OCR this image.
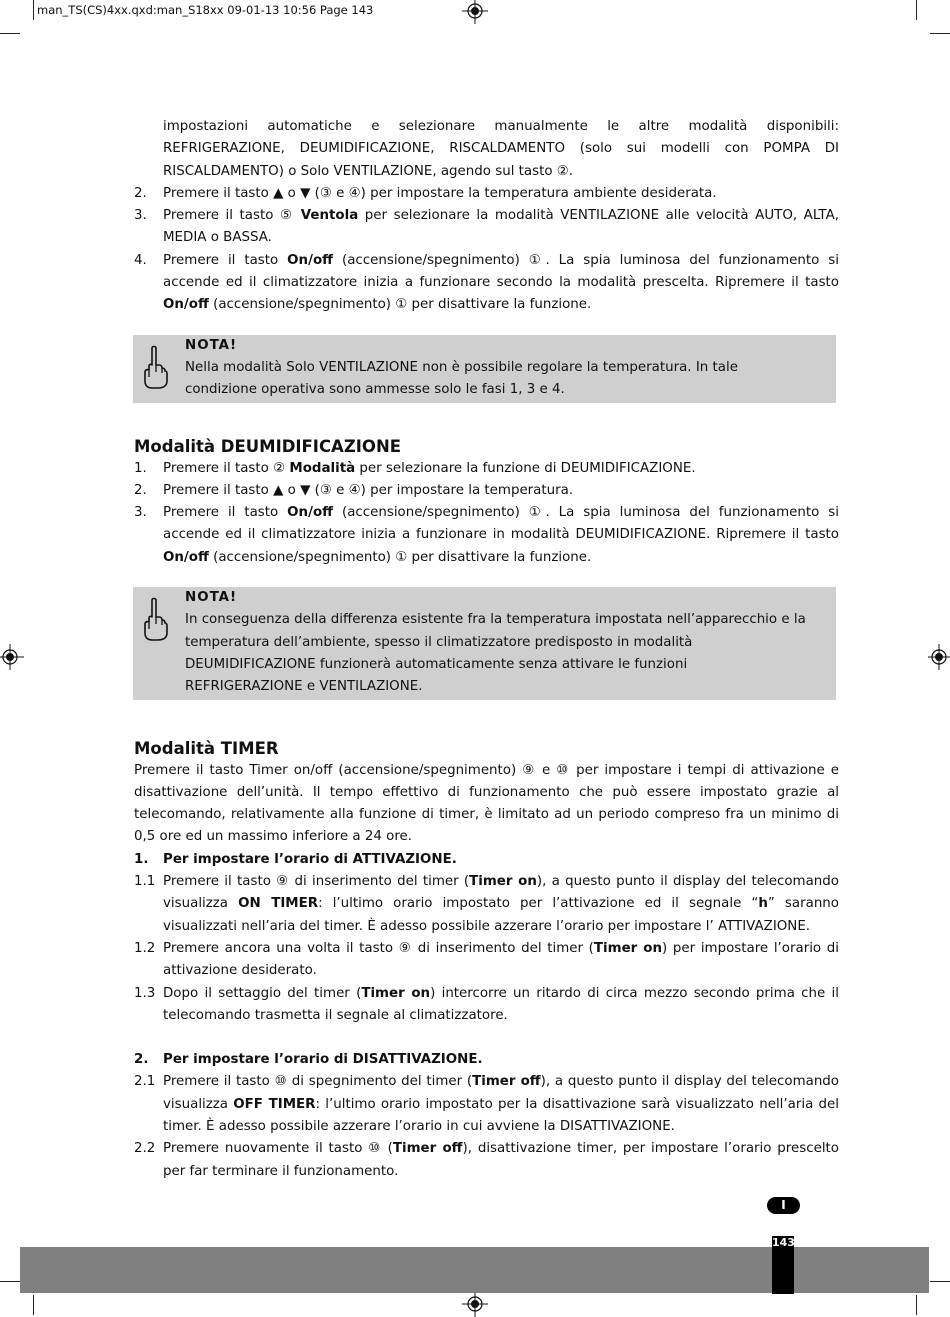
man_TS(CS)4xx.qxd:man_S18xx 09-01-13 10:56 Page 143
impostazioni automatiche e selezionare manualmente le altre modalità disponibili: REFRIGERAZIONE, DEUMIDIFICAZIONE, RISCALDAMENTO (solo sui modelli con POMPA DI RISCALDAMENTO) o Solo VENTILAZIONE, agendo sul tasto ②.
2. Premere il tasto ▲ o ▼ (③ e ④) per impostare la temperatura ambiente desiderata.
3. Premere il tasto ⑤ Ventola per selezionare la modalità VENTILAZIONE alle velocità AUTO, ALTA, MEDIA o BASSA.
4. Premere il tasto On/off (accensione/spegnimento) ①. La spia luminosa del funzionamento si accende ed il climatizzatore inizia a funzionare secondo la modalità prescelta. Ripremere il tasto On/off (accensione/spegnimento) ① per disattivare la funzione.
NOTA!
Nella modalità Solo VENTILAZIONE non è possibile regolare la temperatura. In tale condizione operativa sono ammesse solo le fasi 1, 3 e 4.
Modalità DEUMIDIFICAZIONE
1. Premere il tasto ② Modalità per selezionare la funzione di DEUMIDIFICAZIONE.
2. Premere il tasto ▲ o ▼ (③ e ④) per impostare la temperatura.
3. Premere il tasto On/off (accensione/spegnimento) ①. La spia luminosa del funzionamento si accende ed il climatizzatore inizia a funzionare in modalità DEUMIDIFICAZIONE. Ripremere il tasto On/off (accensione/spegnimento) ① per disattivare la funzione.
NOTA!
In conseguenza della differenza esistente fra la temperatura impostata nell’apparecchio e la temperatura dell’ambiente, spesso il climatizzatore predisposto in modalità DEUMIDIFICAZIONE funzionerà automaticamente senza attivare le funzioni REFRIGERAZIONE e VENTILAZIONE.
Modalità TIMER

Premere il tasto Timer on/off (accensione/spegnimento) ⑨ e ⑩ per impostare i tempi di attivazione e disattivazione dell’unità. Il tempo effettivo di funzionamento che può essere impostato grazie al telecomando, relativamente alla funzione di timer, è limitato ad un periodo compreso fra un minimo di 0,5 ore ed un massimo inferiore a 24 ore.

1. Per impostare l’orario di ATTIVAZIONE.
1.1 Premere il tasto ⑨ di inserimento del timer (Timer on), a questo punto il display del telecomando visualizza ON TIMER: l’ultimo orario impostato per l’attivazione ed il segnale “h” saranno visualizzati nell’aria del timer. È adesso possibile azzerare l’orario per impostare l’ ATTIVAZIONE.
1.2 Premere ancora una volta il tasto ⑨ di inserimento del timer (Timer on) per impostare l’orario di attivazione desiderato.
1.3 Dopo il settaggio del timer (Timer on) intercorre un ritardo di circa mezzo secondo prima che il telecomando trasmetta il segnale al climatizzatore.
2. Per impostare l’orario di DISATTIVAZIONE.
2.1 Premere il tasto ⑩ di spegnimento del timer (Timer off), a questo punto il display del telecomando visualizza OFF TIMER: l’ultimo orario impostato per la disattivazione sarà visualizzato nell’aria del timer. È adesso possibile azzerare l’orario in cui avviene la DISATTIVAZIONE.
2.2 Premere nuovamente il tasto ⑩ (Timer off), disattivazione timer, per impostare l’orario prescelto per far terminare il funzionamento.
I
143
